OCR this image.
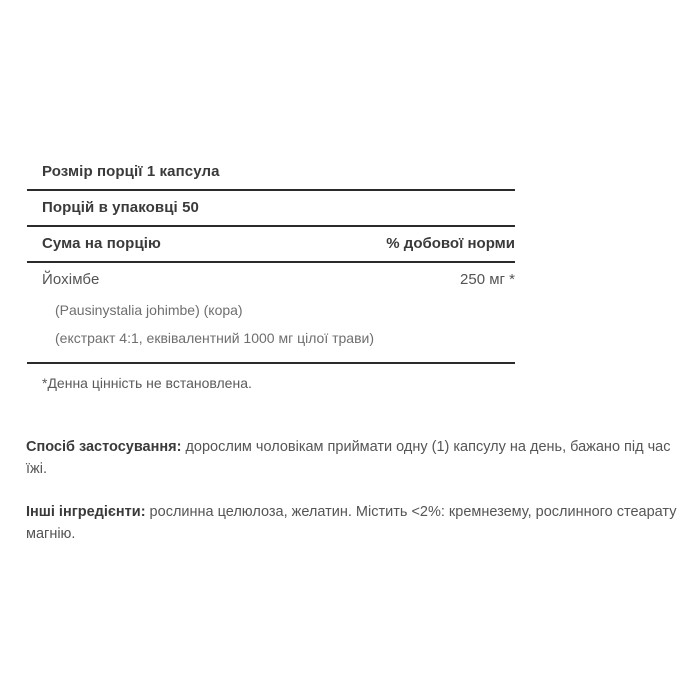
Розмір порції 1 капсула
Порцій в упаковці 50
Сума на порцію	% добової норми
Йохімбе	250 мг *
(Pausinystalia johimbe) (кора)
(екстракт 4:1, еквівалентний 1000 мг цілої трави)
*Денна цінність не встановлена.
Спосіб застосування: дорослим чоловікам приймати одну (1) капсулу на день, бажано під час їжі.
Інші інгредієнти: рослинна целюлоза, желатин. Містить <2%: кремнезему, рослинного стеарату магнію.
